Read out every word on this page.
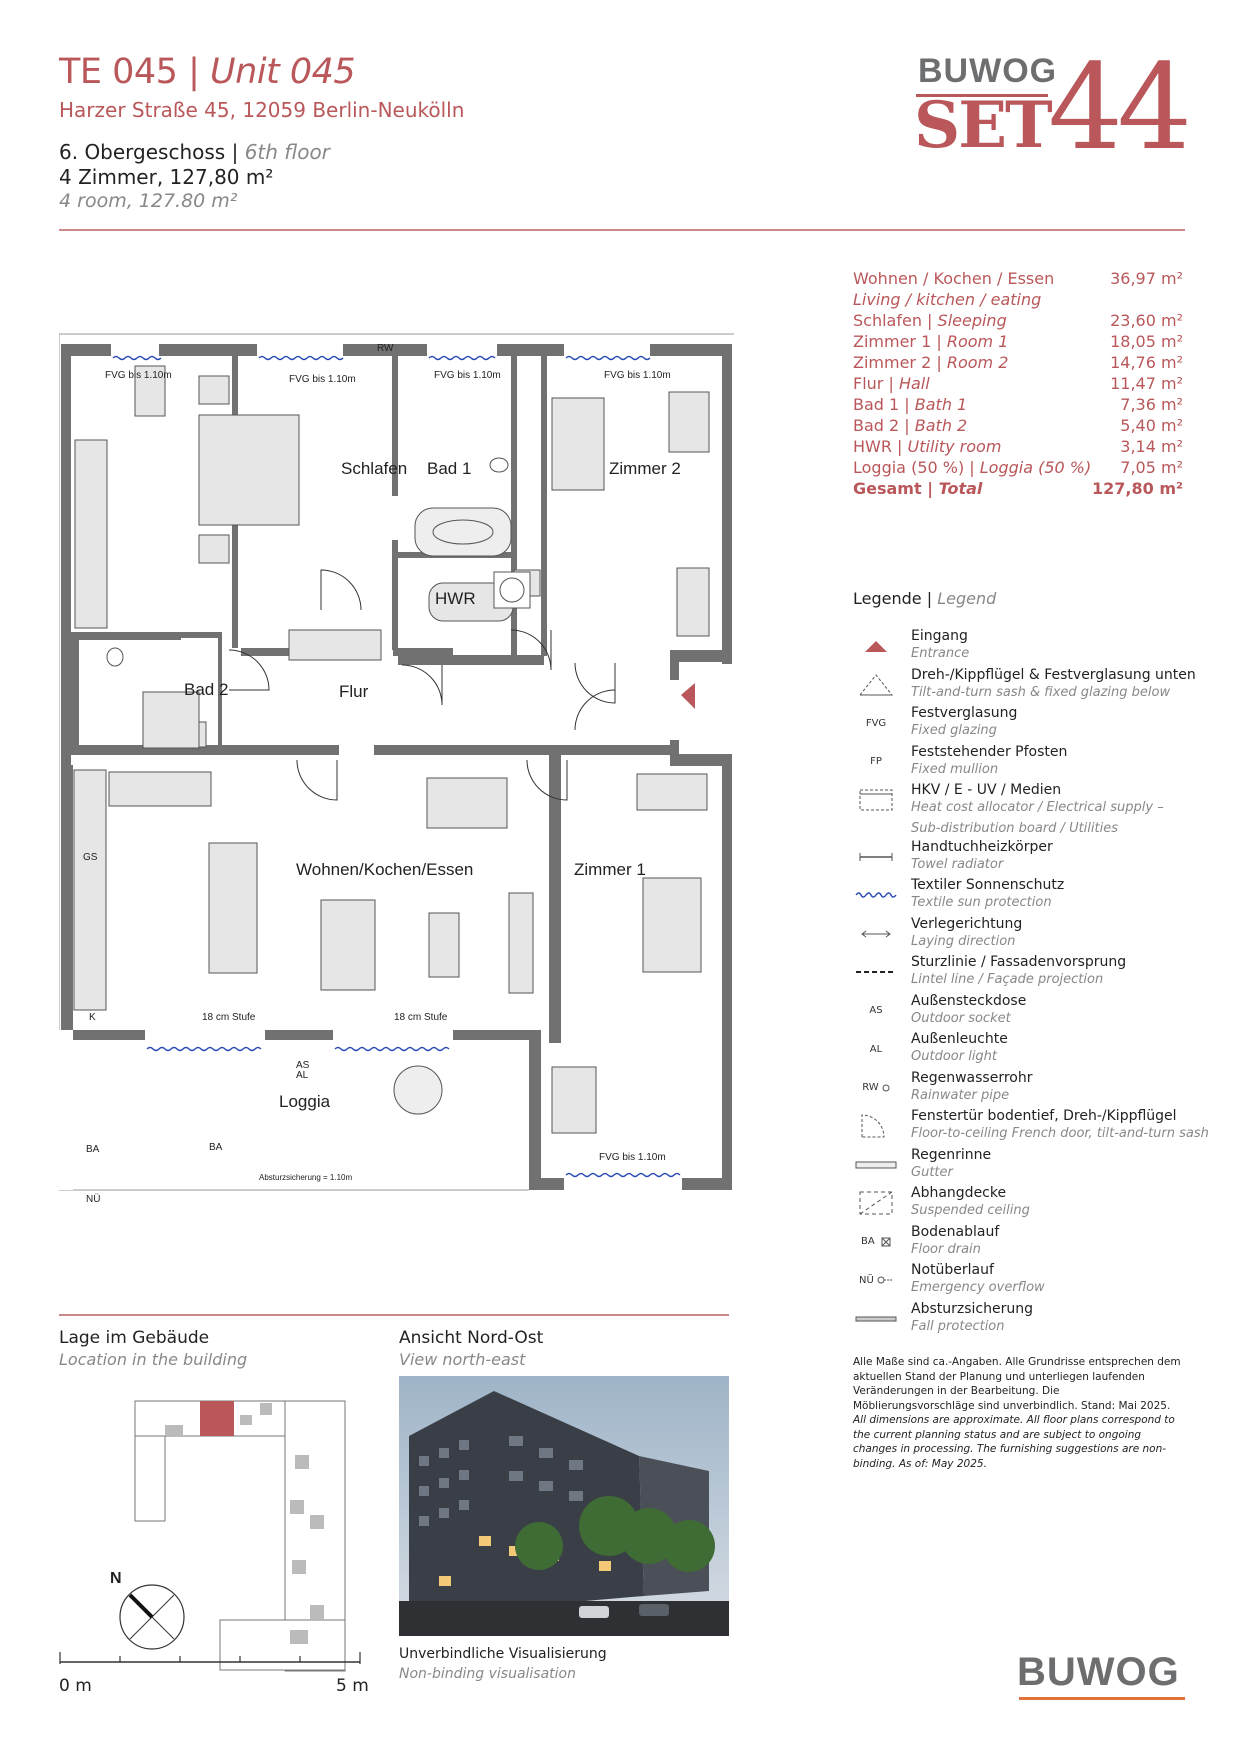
TE 045 | Unit 045
Harzer Straße 45, 12059 Berlin-Neukölln
6. Obergeschoss | 6th floor
4 Zimmer, 127,80 m²
4 room, 127.80 m²
BUWOG
SET
44
Wohnen / Kochen / Essen	36,97 m²
Living / kitchen / eating
Schlafen | Sleeping	23,60 m²
Zimmer 1 | Room 1	18,05 m²
Zimmer 2 | Room 2	14,76 m²
Flur | Hall	11,47 m²
Bad 1 | Bath 1	7,36 m²
Bad 2 | Bath 2	5,40 m²
HWR | Utility room	3,14 m²
Loggia (50 %) | Loggia (50 %) 7,05 m²
Gesamt | Total	127,80 m²
Schlafen Bad 1	Zimmer 2
HWR
Bad 2	Flur
Wohnen/Kochen/Essen	Zimmer 1
Loggia
FVG bis 1.10m	FVG bis 1.10m	FVG bis 1.10m	FVG bis 1.10m
FVG bis 1.10m
RW
18 cm Stufe	18 cm Stufe
AS
AL
BA	BA
NÜ
Absturzsicherung = 1.10m
GS
K
Legende | Legend
Eingang
Entrance
Dreh-/Kippflügel & Festverglasung unten
Tilt-and-turn sash & fixed glazing below
FVG
Festverglasung
Fixed glazing
FP
Feststehender Pfosten
Fixed mullion
HKV / E - UV / Medien
Heat cost allocator / Electrical supply –
Sub-distribution board / Utilities
Handtuchheizkörper
Towel radiator
Textiler Sonnenschutz
Textile sun protection
Verlegerichtung
Laying direction
Sturzlinie / Fassadenvorsprung
Lintel line / Façade projection
AS
Außensteckdose
Outdoor socket
AL
Außenleuchte
Outdoor light
RW

Regenwasserrohr
Rainwater pipe
Fenstertür bodentief, Dreh-/Kippflügel
Floor-to-ceiling French door, tilt-and-turn sash
Regenrinne
Gutter
Abhangdecke
Suspended ceiling
BA

Bodenablauf
Floor drain
NÜ

Notüberlauf
Emergency overflow
Absturzsicherung
Fall protection
Alle Maße sind ca.-Angaben. Alle Grundrisse entsprechen dem aktuellen Stand der Planung und unterliegen laufenden Veränderungen in der Bearbeitung. Die Möblierungsvorschläge sind unverbindlich. Stand: Mai 2025.
All dimensions are approximate. All floor plans correspond to the current planning status and are subject to ongoing changes in processing. The furnishing suggestions are non-binding. As of: May 2025.
Lage im Gebäude
Location in the building
N
0 m	5 m
Ansicht Nord-Ost
View north-east
Unverbindliche Visualisierung
Non-binding visualisation	BUWOG
